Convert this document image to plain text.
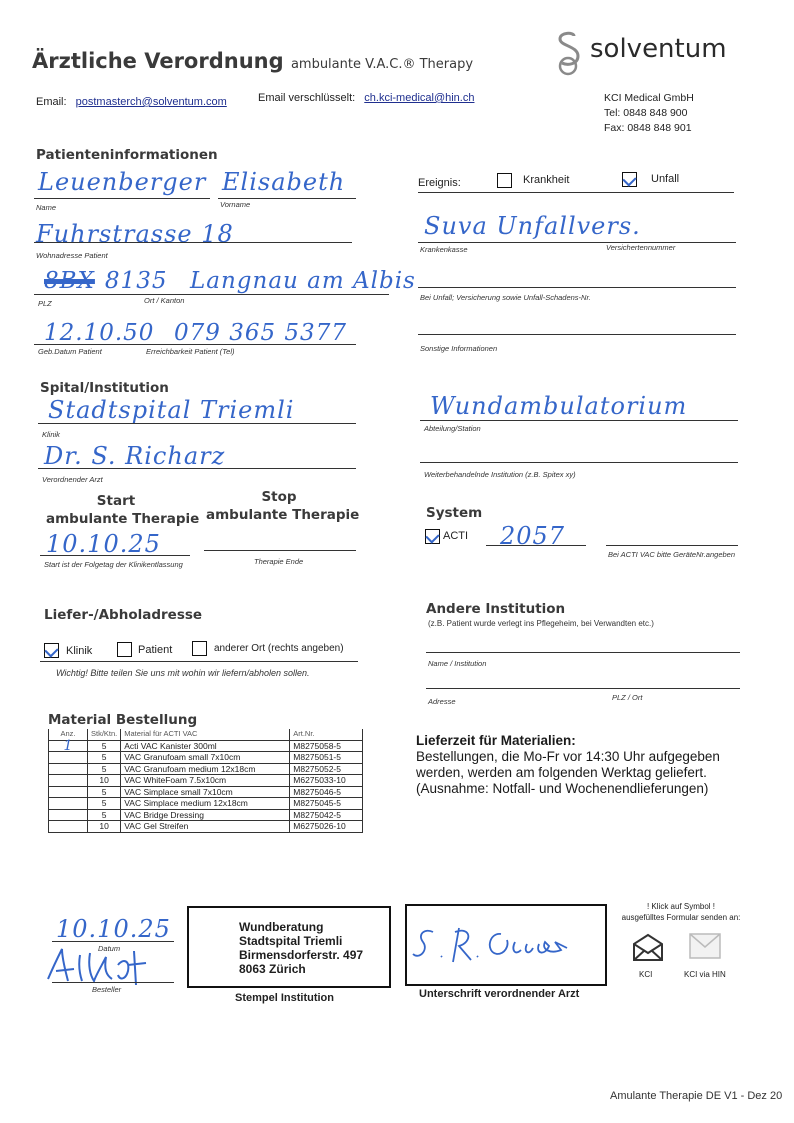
Ärztliche Verordnung ambulante V.A.C.® Therapy
solventum
Email: postmasterch@solventum.com	Email verschlüsselt: ch.kci-medical@hin.ch	KCI Medical GmbH
Tel: 0848 848 900
Fax: 0848 848 901
Patienteninformationen
Leuenberger
Name
Elisabeth
Vorname
Fuhrstrasse 18
Wohnadresse Patient
8BX 8135 Langnau am Albis
PLZ	Ort / Kanton
12.10.50 079 365 5377
Geb.Datum Patient	Erreichbarkeit Patient (Tel)
Ereignis:	Krankheit	Unfall
Suva Unfallvers.
Krankenkasse	Versichertennummer
Bei Unfall; Versicherung sowie Unfall-Schadens-Nr.
Sonstige Informationen
Spital/Institution
Stadtspital Triemli
Klinik
Wundambulatorium
Abteilung/Station
Dr. S. Richarz
Verordnender Arzt
Weiterbehandelnde Institution (z.B. Spitex xy)
Start
ambulante Therapie
Stop
ambulante Therapie
10.10.25
Start ist der Folgetag der Klinikentlassung	Therapie Ende
System
ACTI 2057
Bei ACTI VAC bitte GeräteNr.angeben
Liefer-/Abholadresse
Klinik	Patient	anderer Ort (rechts angeben)
Wichtig! Bitte teilen Sie uns mit wohin wir liefern/abholen sollen.
Andere Institution
(z.B. Patient wurde verlegt ins Pflegeheim, bei Verwandten etc.)
Name / Institution
Adresse	PLZ / Ort
Material Bestellung
Anz.	Stk/Ktn.	Material für ACTI VAC	Art.Nr.
1	5	Acti VAC Kanister 300ml	M8275058-5
	5	VAC Granufoam small 7x10cm	M8275051-5
	5	VAC Granufoam medium 12x18cm	M8275052-5
	10	VAC WhiteFoam 7.5x10cm	M6275033-10
	5	VAC Simplace small 7x10cm	M8275046-5
	5	VAC Simplace medium 12x18cm	M8275045-5
	5	VAC Bridge Dressing	M8275042-5
	10	VAC Gel Streifen	M6275026-10
Lieferzeit für Materialien:
Bestellungen, die Mo-Fr vor 14:30 Uhr aufgegeben
werden, werden am folgenden Werktag geliefert.
(Ausnahme: Notfall- und Wochenendlieferungen)
10.10.25
Datum
Besteller
Wundberatung
Stadtspital Triemli
Birmensdorferstr. 497
8063 Zürich
Stempel Institution	Unterschrift verordnender Arzt
! Klick auf Symbol !
ausgefülltes Formular senden an:
KCI	KCI via HIN
Amulante Therapie DE V1 - Dez 20
